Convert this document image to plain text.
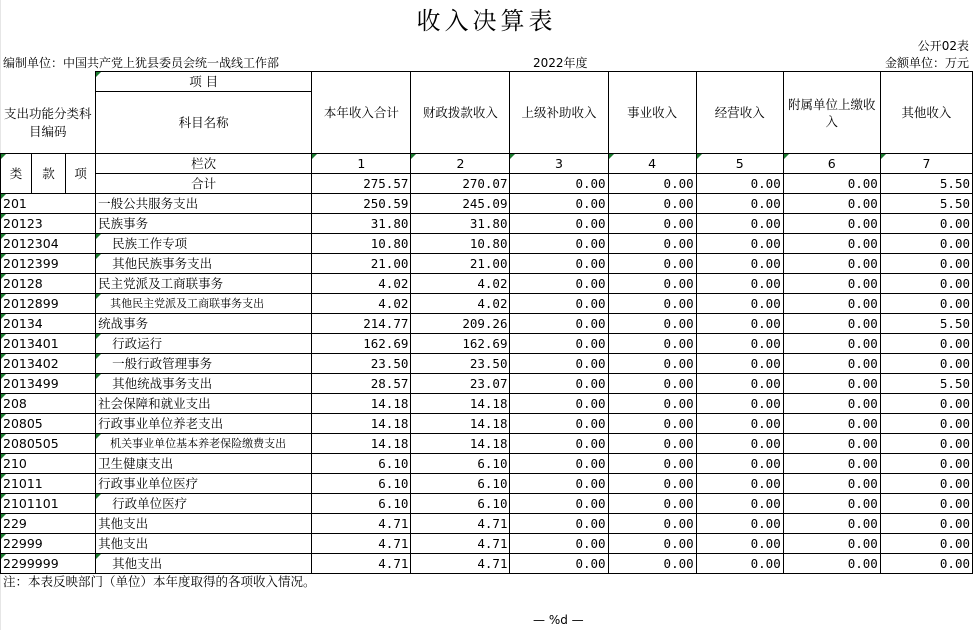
收入决算表
公开02表
编制单位：中国共产党上犹县委员会统一战线工作部	2022年度	金额单位：万元
支出功能分类科目编码			项 目	本年收入合计	财政拨款收入	上级补助收入	事业收入	经营收入	附属单位上缴收入	其他收入
			科目名称							

类	款	项	栏次	1	2	3	4	5	6	7
			合计	275.57	270.07	0.00	0.00	0.00	0.00	5.50
201			一般公共服务支出	250.59	245.09	0.00	0.00	0.00	0.00	5.50
20123			民族事务	31.80	31.80	0.00	0.00	0.00	0.00	0.00
2012304			民族工作专项	10.80	10.80	0.00	0.00	0.00	0.00	0.00
2012399			其他民族事务支出	21.00	21.00	0.00	0.00	0.00	0.00	0.00
20128			民主党派及工商联事务	4.02	4.02	0.00	0.00	0.00	0.00	0.00
2012899			其他民主党派及工商联事务支出	4.02	4.02	0.00	0.00	0.00	0.00	0.00
20134			统战事务	214.77	209.26	0.00	0.00	0.00	0.00	5.50
2013401			行政运行	162.69	162.69	0.00	0.00	0.00	0.00	0.00
2013402			一般行政管理事务	23.50	23.50	0.00	0.00	0.00	0.00	0.00
2013499			其他统战事务支出	28.57	23.07	0.00	0.00	0.00	0.00	5.50
208			社会保障和就业支出	14.18	14.18	0.00	0.00	0.00	0.00	0.00
20805			行政事业单位养老支出	14.18	14.18	0.00	0.00	0.00	0.00	0.00
2080505			机关事业单位基本养老保险缴费支出	14.18	14.18	0.00	0.00	0.00	0.00	0.00
210			卫生健康支出	6.10	6.10	0.00	0.00	0.00	0.00	0.00
21011			行政事业单位医疗	6.10	6.10	0.00	0.00	0.00	0.00	0.00
2101101			行政单位医疗	6.10	6.10	0.00	0.00	0.00	0.00	0.00
229			其他支出	4.71	4.71	0.00	0.00	0.00	0.00	0.00
22999			其他支出	4.71	4.71	0.00	0.00	0.00	0.00	0.00
2299999			其他支出	4.71	4.71	0.00	0.00	0.00	0.00	0.00
注：本表反映部门（单位）本年度取得的各项收入情况。
— %d —
